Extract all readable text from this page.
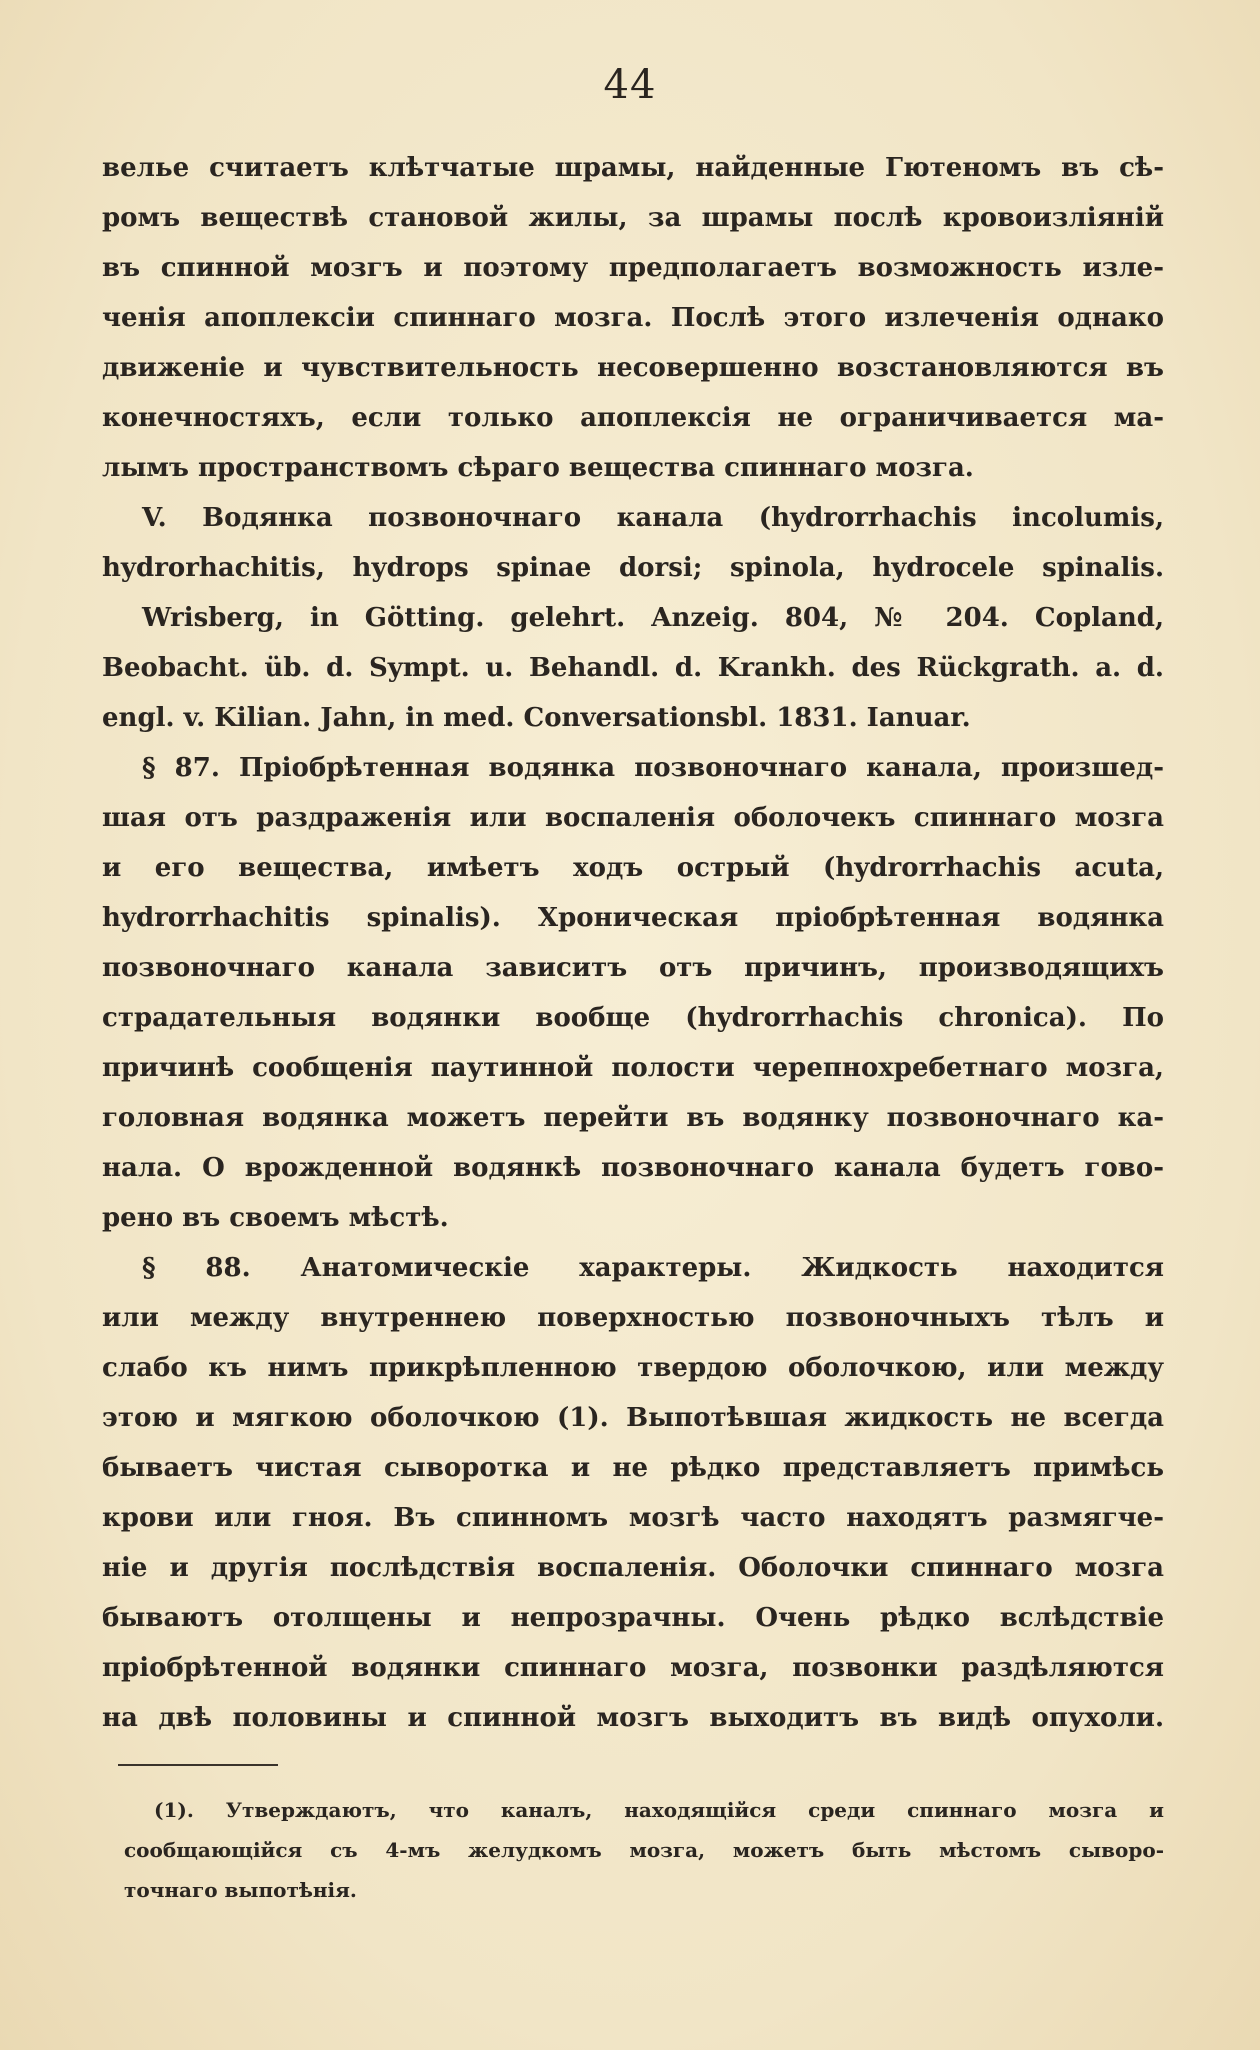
44
велье считаетъ клѣтчатые шрамы, найденные Гютеномъ въ сѣ-
ромъ веществѣ становой жилы, за шрамы послѣ кровоизліяній
въ спинной мозгъ и поэтому предполагаетъ возможность изле-
ченія апоплексіи спиннаго мозга. Послѣ этого излеченія однако
движеніе и чувствительность несовершенно возстановляются въ
конечностяхъ, если только апоплексія не ограничивается ма-
лымъ пространствомъ сѣраго вещества спиннаго мозга.
V. Водянка позвоночнаго канала (hydrorrhachis incolumis,
hydrorhachitis, hydrops spinae dorsi; spinola, hydrocele spinalis.
Wrisberg, in Götting. gelehrt. Anzeig. 804, № 204. Copland,
Beobacht. üb. d. Sympt. u. Behandl. d. Krankh. des Rückgrath. a. d.
engl. v. Kilian. Jahn, in med. Conversationsbl. 1831. Ianuar.
§ 87. Пріобрѣтенная водянка позвоночнаго канала, произшед-
шая отъ раздраженія или воспаленія оболочекъ спиннаго мозга
и его вещества, имѣетъ ходъ острый (hydrorrhachis acuta,
hydrorrhachitis spinalis). Хроническая пріобрѣтенная водянка
позвоночнаго канала зависитъ отъ причинъ, производящихъ
страдательныя водянки вообще (hydrorrhachis chronica). По
причинѣ сообщенія паутинной полости черепнохребетнаго мозга,
головная водянка можетъ перейти въ водянку позвоночнаго ка-
нала. О врожденной водянкѣ позвоночнаго канала будетъ гово-
рено въ своемъ мѣстѣ.
§ 88. Анатомическіе характеры. Жидкость находится
или между внутреннею поверхностью позвоночныхъ тѣлъ и
слабо къ нимъ прикрѣпленною твердою оболочкою, или между
этою и мягкою оболочкою (1). Выпотѣвшая жидкость не всегда
бываетъ чистая сыворотка и не рѣдко представляетъ примѣсь
крови или гноя. Въ спинномъ мозгѣ часто находятъ размягче-
ніе и другія послѣдствія воспаленія. Оболочки спиннаго мозга
бываютъ отолщены и непрозрачны. Очень рѣдко вслѣдствіе
пріобрѣтенной водянки спиннаго мозга, позвонки раздѣляются
на двѣ половины и спинной мозгъ выходитъ въ видѣ опухоли.
(1). Утверждаютъ, что каналъ, находящійся среди спиннаго мозга и
сообщающійся съ 4-мъ желудкомъ мозга, можетъ быть мѣстомъ сыворо-
точнаго выпотѣнія.
